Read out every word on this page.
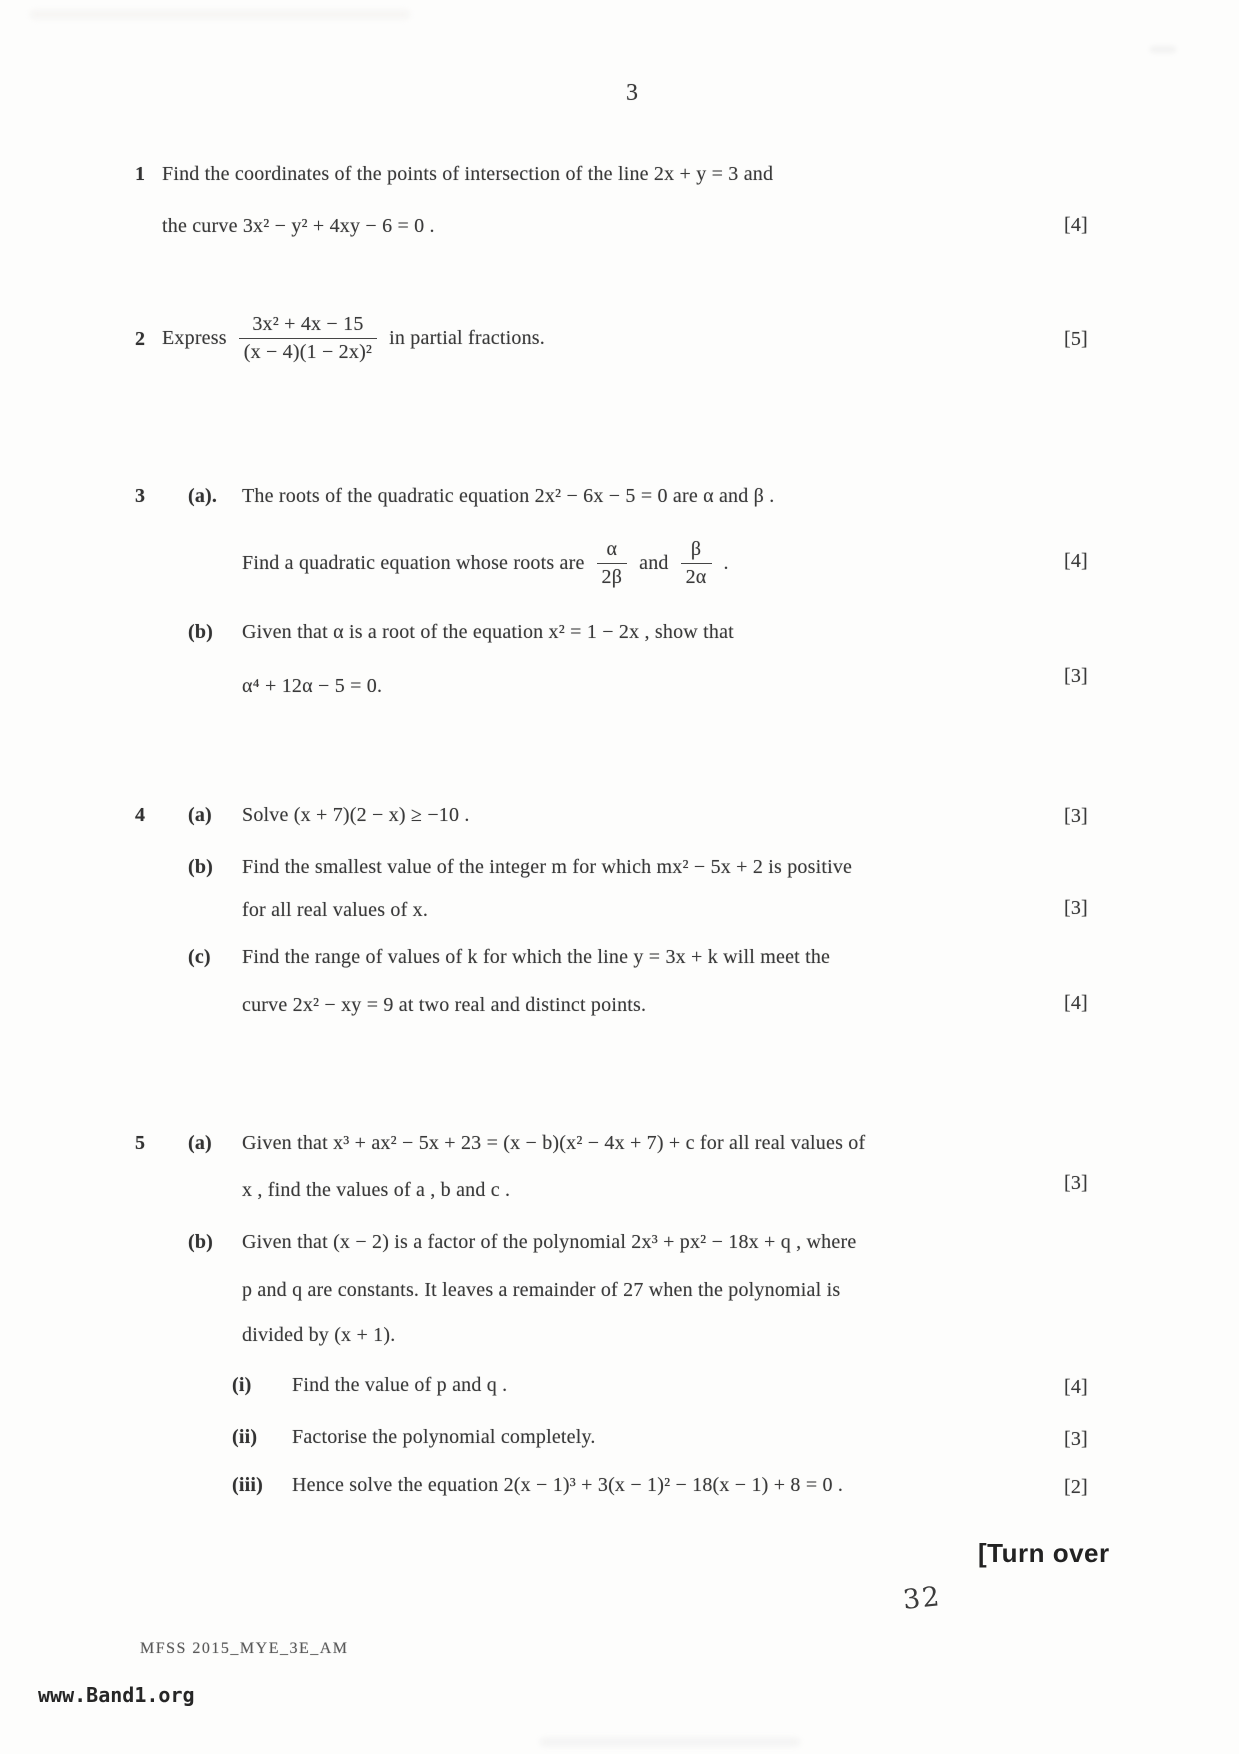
3
1 Find the coordinates of the points of intersection of the line 2x + y = 3 and
the curve 3x² − y² + 4xy − 6 = 0 .	[4]
2 Express $\frac{\text{3x² + 4x − 15}}{\text{(x − 4)(1 − 2x)²}}$ in partial fractions.	[5]
3 (a). The roots of the quadratic equation 2x² − 6x − 5 = 0 are α and β .
Find a quadratic equation whose roots are $\frac{\alpha}{2\beta}$ and $\frac{\beta}{2\alpha}$ .	[4]
(b) Given that α is a root of the equation x² = 1 − 2x , show that
α⁴ + 12α − 5 = 0.	[3]
4 (a) Solve (x + 7)(2 − x) ≥ −10 .	[3]
(b) Find the smallest value of the integer m for which mx² − 5x + 2 is positive
for all real values of x.	[3]
(c) Find the range of values of k for which the line y = 3x + k will meet the
curve 2x² − xy = 9 at two real and distinct points.	[4]
5 (a) Given that x³ + ax² − 5x + 23 = (x − b)(x² − 4x + 7) + c for all real values of
x , find the values of a , b and c .	[3]
(b) Given that (x − 2) is a factor of the polynomial 2x³ + px² − 18x + q , where
p and q are constants. It leaves a remainder of 27 when the polynomial is
divided by (x + 1).
(i) Find the value of p and q .	[4]
(ii) Factorise the polynomial completely.	[3]
(iii) Hence solve the equation 2(x − 1)³ + 3(x − 1)² − 18(x − 1) + 8 = 0 .	[2]
[Turn over
32
MFSS 2015_MYE_3E_AM
www.Band1.org
